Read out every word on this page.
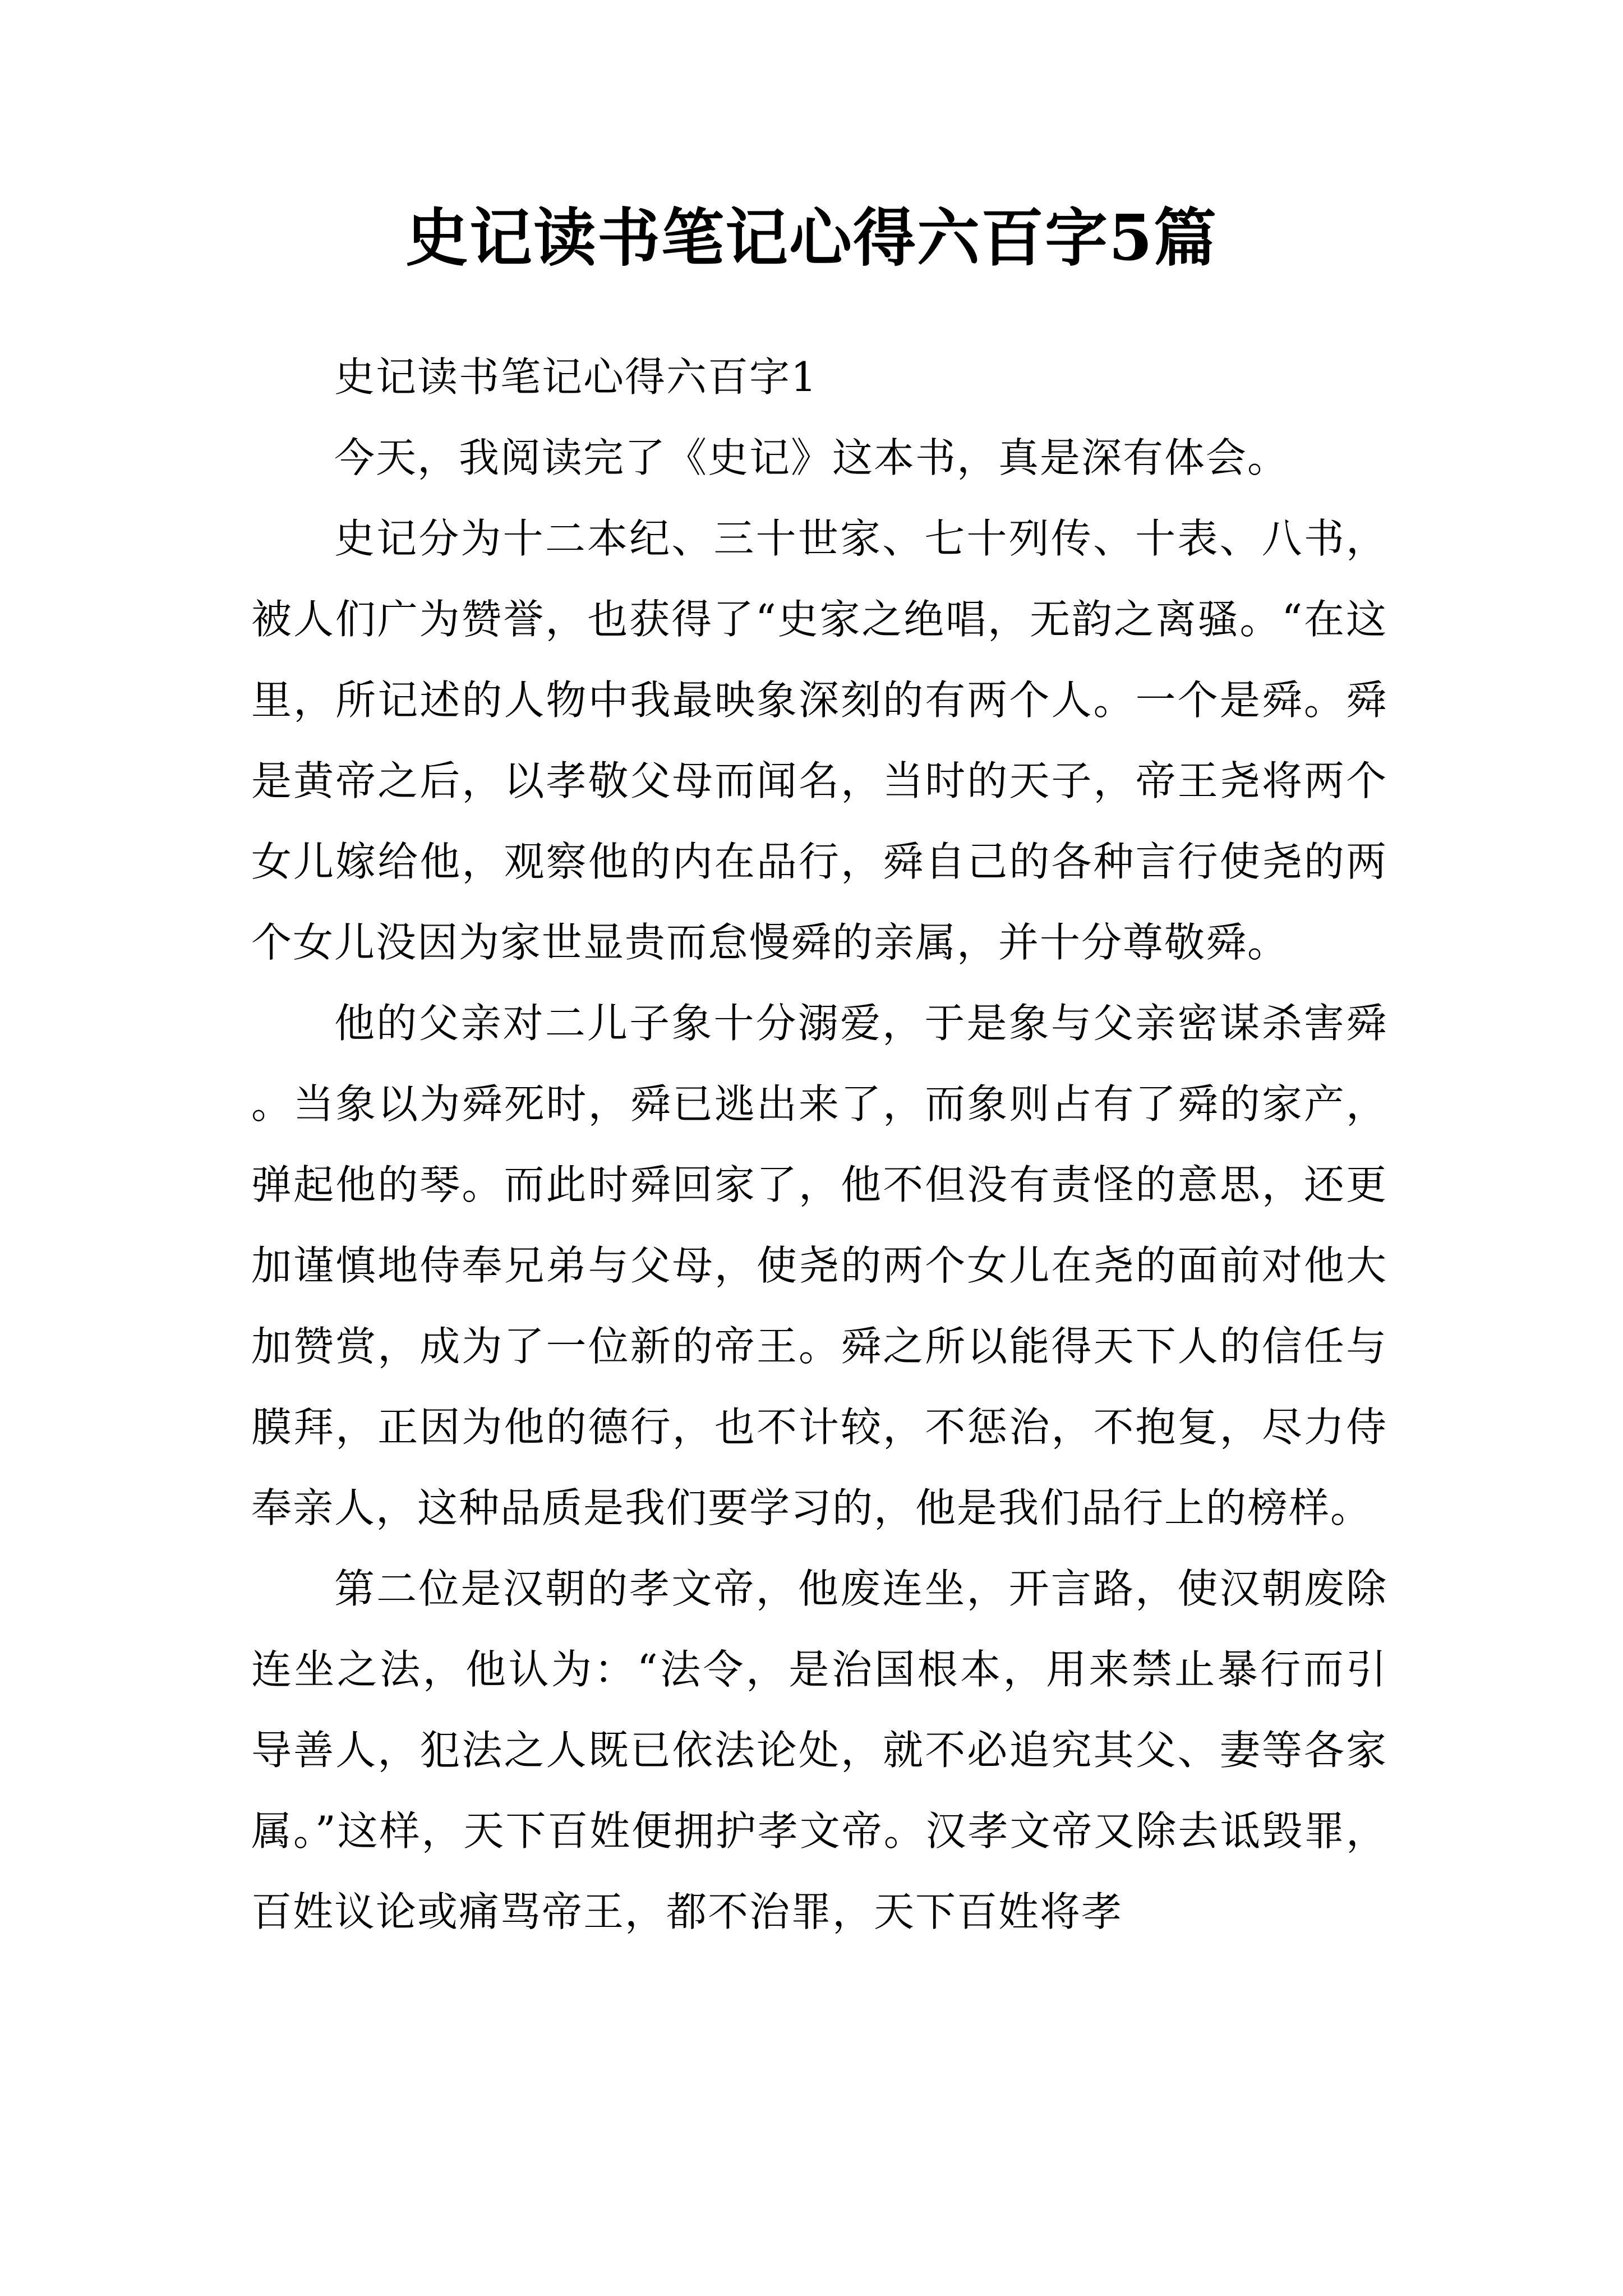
史记读书笔记心得六百字5篇

史记读书笔记心得六百字1

今天，我阅读完了《史记》这本书，真是深有体会。

史记分为十二本纪、三十世家、七十列传、十表、八书，被人们广为赞誉，也获得了“史家之绝唱，无韵之离骚。“在这里，所记述的人物中我最映象深刻的有两个人。一个是舜。舜是黄帝之后，以孝敬父母而闻名，当时的天子，帝王尧将两个女儿嫁给他，观察他的内在品行，舜自己的各种言行使尧的两个女儿没因为家世显贵而怠慢舜的亲属，并十分尊敬舜。

他的父亲对二儿子象十分溺爱，于是象与父亲密谋杀害舜。当象以为舜死时，舜已逃出来了，而象则占有了舜的家产，弹起他的琴。而此时舜回家了，他不但没有责怪的意思，还更加谨慎地侍奉兄弟与父母，使尧的两个女儿在尧的面前对他大加赞赏，成为了一位新的帝王。舜之所以能得天下人的信任与膜拜，正因为他的德行，也不计较，不惩治，不抱复，尽力侍奉亲人，这种品质是我们要学习的，他是我们品行上的榜样。

第二位是汉朝的孝文帝，他废连坐，开言路，使汉朝废除连坐之法，他认为：“法令，是治国根本，用来禁止暴行而引导善人，犯法之人既已依法论处，就不必追究其父、妻等各家属。”这样，天下百姓便拥护孝文帝。汉孝文帝又除去诋毁罪，百姓议论或痛骂帝王，都不治罪，天下百姓将孝
